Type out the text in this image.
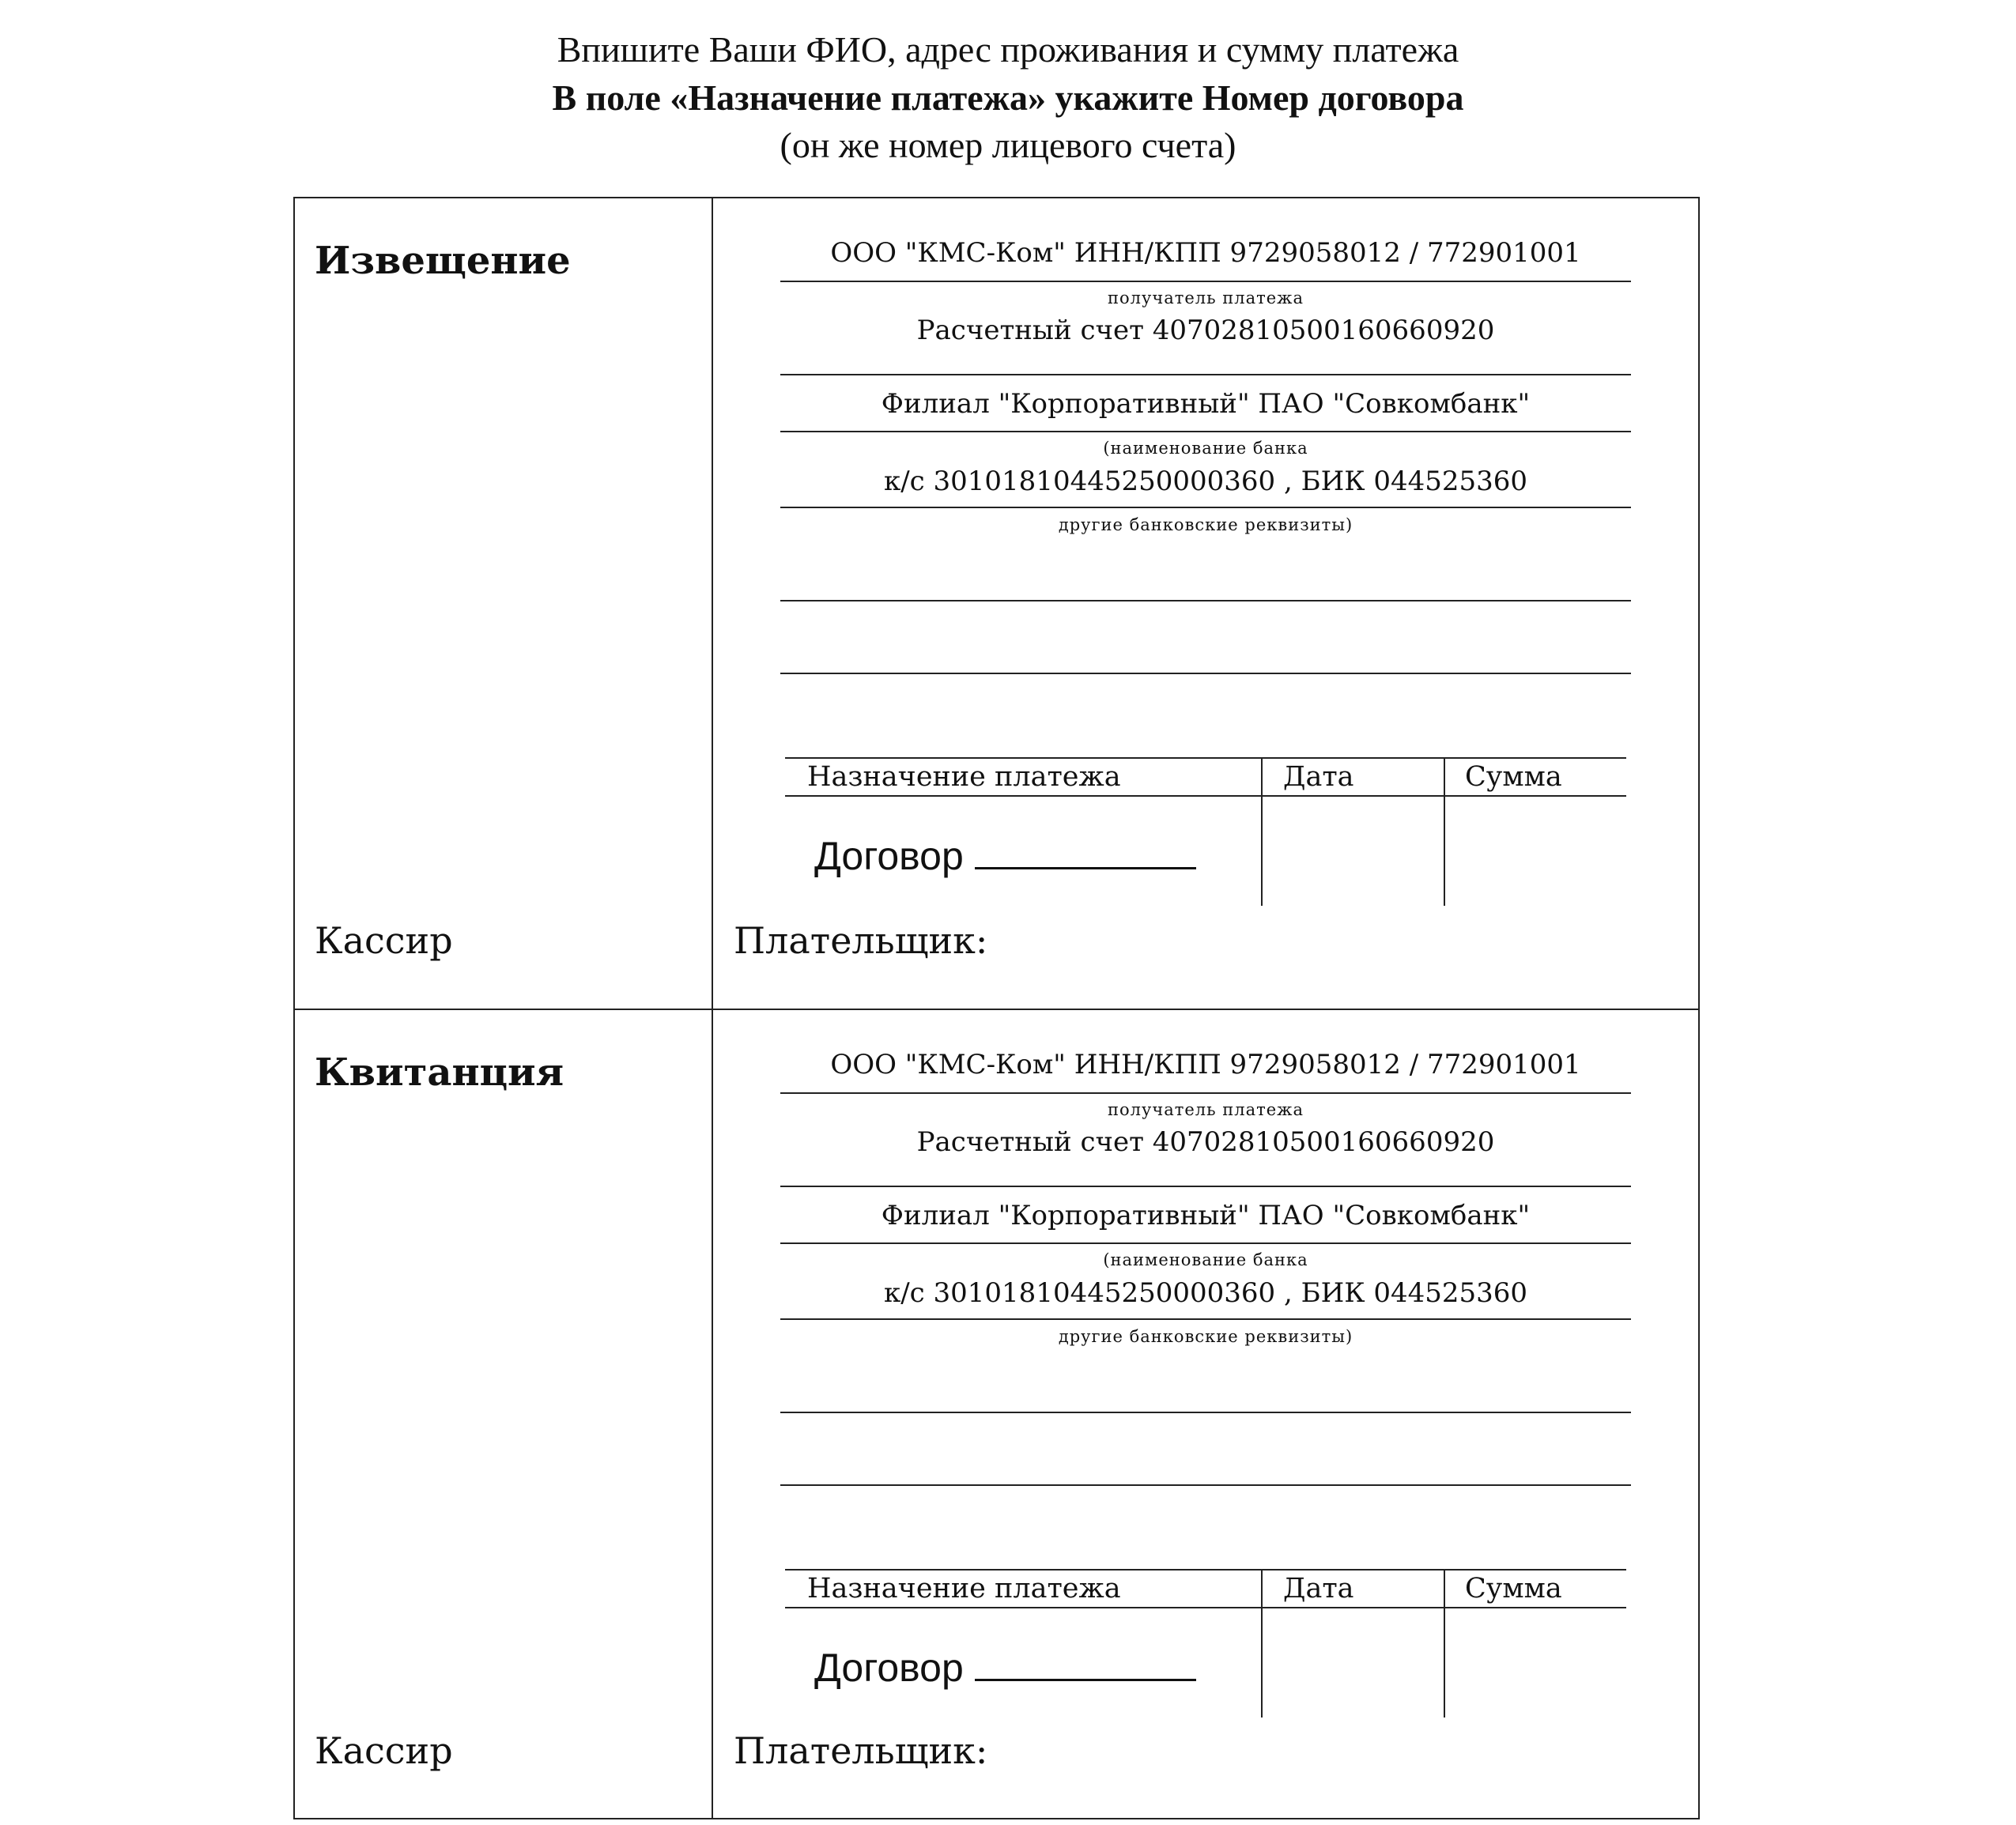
Впишите Ваши ФИО, адрес проживания и сумму платежа
В поле «Назначение платежа» укажите Номер договора
(он же номер лицевого счета)
Извещение	ООО "КМС-Ком" ИНН/КПП 9729058012 / 772901001
получатель платежа
Расчетный счет 40702810500160660920
Филиал "Корпоративный" ПАО "Совкомбанк"
(наименование банка
к/с 30101810445250000360 , БИК 044525360
другие банковские реквизиты)
Назначение платежа	Дата	Сумма
Договор
Кассир	Плательщик:
Квитанция	ООО "КМС-Ком" ИНН/КПП 9729058012 / 772901001
получатель платежа
Расчетный счет 40702810500160660920
Филиал "Корпоративный" ПАО "Совкомбанк"
(наименование банка
к/с 30101810445250000360 , БИК 044525360
другие банковские реквизиты)
Назначение платежа	Дата	Сумма
Договор
Кассир	Плательщик:
